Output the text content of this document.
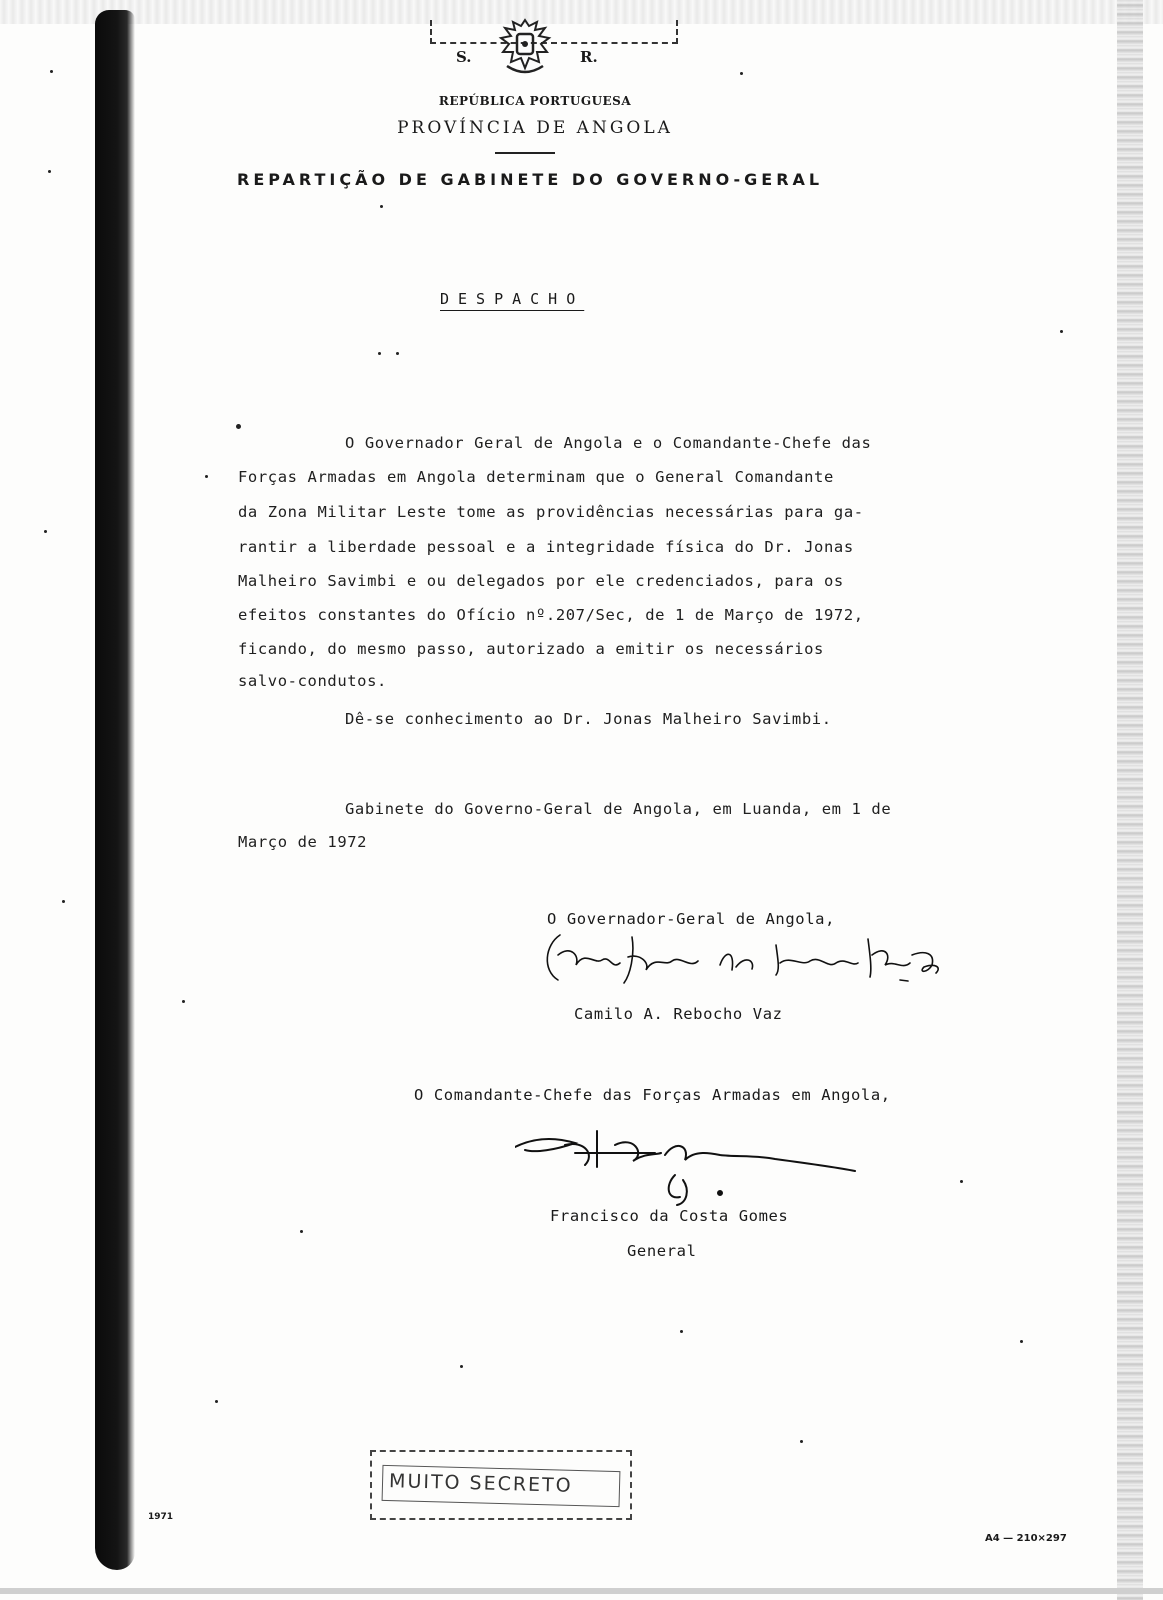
S.	R.
REPÚBLICA PORTUGUESA
PROVÍNCIA DE ANGOLA
REPARTIÇÃO DE GABINETE DO GOVERNO-GERAL
DESPACHO
O Governador Geral de Angola e o Comandante-Chefe das
Forças Armadas em Angola determinam que o General Comandante
da Zona Militar Leste tome as providências necessárias para ga-
rantir a liberdade pessoal e a integridade física do Dr. Jonas
Malheiro Savimbi e ou delegados por ele credenciados, para os
efeitos constantes do Ofício nº.207/Sec, de 1 de Março de 1972,
ficando, do mesmo passo, autorizado a emitir os necessários
salvo-condutos.
Dê-se conhecimento ao Dr. Jonas Malheiro Savimbi.
Gabinete do Governo-Geral de Angola, em Luanda, em 1 de
Março de 1972
O Governador-Geral de Angola,
Camilo A. Rebocho Vaz
O Comandante-Chefe das Forças Armadas em Angola,
Francisco da Costa Gomes
General
MUITO SECRETO
1971
A4 — 210×297
